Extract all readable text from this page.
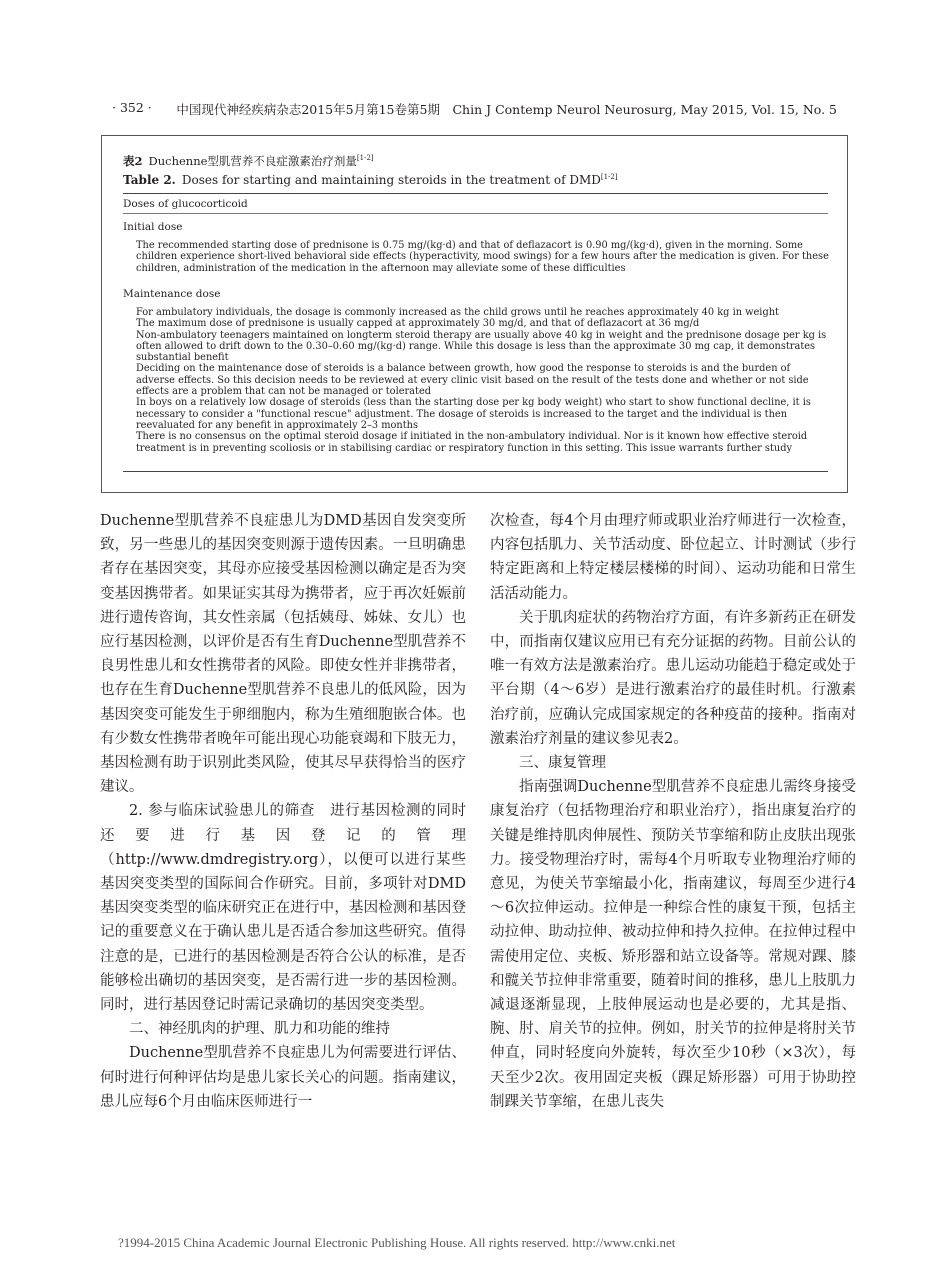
· 352 · 中国现代神经疾病杂志2015年5月第15卷第5期　Chin J Contemp Neurol Neurosurg, May 2015, Vol. 15, No. 5
表2 Duchenne型肌营养不良症激素治疗剂量[1-2]
Table 2. Doses for starting and maintaining steroids in the treatment of DMD[1-2]
Doses of glucocorticoid
Initial dose
The recommended starting dose of prednisone is 0.75 mg/(kg·d) and that of deflazacort is 0.90 mg/(kg·d), given in the morning. Some children experience short-lived behavioral side effects (hyperactivity, mood swings) for a few hours after the medication is given. For these children, administration of the medication in the afternoon may alleviate some of these difficulties
Maintenance dose
For ambulatory individuals, the dosage is commonly increased as the child grows until he reaches approximately 40 kg in weight
The maximum dose of prednisone is usually capped at approximately 30 mg/d, and that of deflazacort at 36 mg/d
Non-ambulatory teenagers maintained on longterm steroid therapy are usually above 40 kg in weight and the prednisone dosage per kg is often allowed to drift down to the 0.30–0.60 mg/(kg·d) range. While this dosage is less than the approximate 30 mg cap, it demonstrates substantial benefit
Deciding on the maintenance dose of steroids is a balance between growth, how good the response to steroids is and the burden of adverse effects. So this decision needs to be reviewed at every clinic visit based on the result of the tests done and whether or not side effects are a problem that can not be managed or tolerated
In boys on a relatively low dosage of steroids (less than the starting dose per kg body weight) who start to show functional decline, it is necessary to consider a "functional rescue" adjustment. The dosage of steroids is increased to the target and the individual is then reevaluated for any benefit in approximately 2–3 months
There is no consensus on the optimal steroid dosage if initiated in the non-ambulatory individual. Nor is it known how effective steroid treatment is in preventing scoliosis or in stabilising cardiac or respiratory function in this setting. This issue warrants further study

Duchenne型肌营养不良症患儿为DMD基因自发突变所致，另一些患儿的基因突变则源于遗传因素。一旦明确患者存在基因突变，其母亦应接受基因检测以确定是否为突变基因携带者。如果证实其母为携带者，应于再次妊娠前进行遗传咨询，其女性亲属（包括姨母、姊妹、女儿）也应行基因检测，以评价是否有生育Duchenne型肌营养不良男性患儿和女性携带者的风险。即使女性并非携带者，也存在生育Duchenne型肌营养不良患儿的低风险，因为基因突变可能发生于卵细胞内，称为生殖细胞嵌合体。也有少数女性携带者晚年可能出现心功能衰竭和下肢无力，基因检测有助于识别此类风险，使其尽早获得恰当的医疗建议。

2. 参与临床试验患儿的筛查　进行基因检测的同时还要进行基因登记的管理（http://www.dmdregistry.org），以便可以进行某些基因突变类型的国际间合作研究。目前，多项针对DMD基因突变类型的临床研究正在进行中，基因检测和基因登记的重要意义在于确认患儿是否适合参加这些研究。值得注意的是，已进行的基因检测是否符合公认的标准，是否能够检出确切的基因突变，是否需行进一步的基因检测。同时，进行基因登记时需记录确切的基因突变类型。

二、神经肌肉的护理、肌力和功能的维持

Duchenne型肌营养不良症患儿为何需要进行评估、何时进行何种评估均是患儿家长关心的问题。指南建议，患儿应每6个月由临床医师进行一

次检查，每4个月由理疗师或职业治疗师进行一次检查，内容包括肌力、关节活动度、卧位起立、计时测试（步行特定距离和上特定楼层楼梯的时间）、运动功能和日常生活活动能力。

关于肌肉症状的药物治疗方面，有许多新药正在研发中，而指南仅建议应用已有充分证据的药物。目前公认的唯一有效方法是激素治疗。患儿运动功能趋于稳定或处于平台期（4～6岁）是进行激素治疗的最佳时机。行激素治疗前，应确认完成国家规定的各种疫苗的接种。指南对激素治疗剂量的建议参见表2。

三、康复管理

指南强调Duchenne型肌营养不良症患儿需终身接受康复治疗（包括物理治疗和职业治疗），指出康复治疗的关键是维持肌肉伸展性、预防关节挛缩和防止皮肤出现张力。接受物理治疗时，需每4个月听取专业物理治疗师的意见，为使关节挛缩最小化，指南建议，每周至少进行4～6次拉伸运动。拉伸是一种综合性的康复干预，包括主动拉伸、助动拉伸、被动拉伸和持久拉伸。在拉伸过程中需使用定位、夹板、矫形器和站立设备等。常规对踝、膝和髋关节拉伸非常重要，随着时间的推移，患儿上肢肌力减退逐渐显现，上肢伸展运动也是必要的，尤其是指、腕、肘、肩关节的拉伸。例如，肘关节的拉伸是将肘关节伸直，同时轻度向外旋转，每次至少10秒（×3次），每天至少2次。夜用固定夹板（踝足矫形器）可用于协助控制踝关节挛缩，在患儿丧失

?1994-2015 China Academic Journal Electronic Publishing House. All rights reserved. http://www.cnki.net
